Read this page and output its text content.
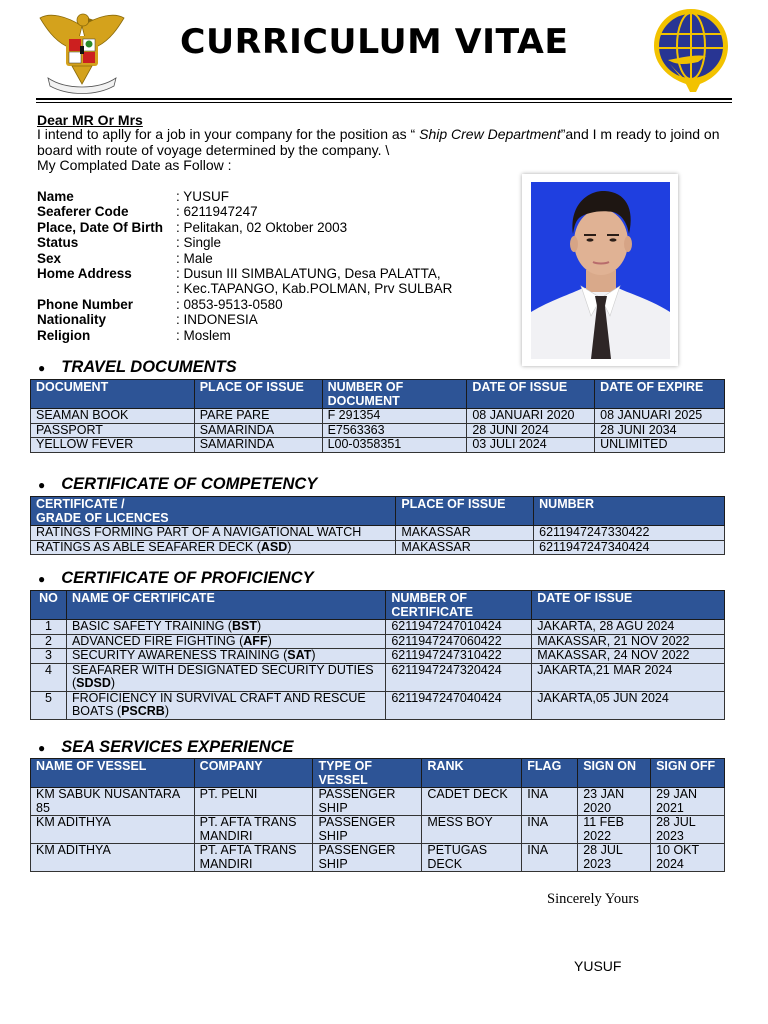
CURRICULUM VITAE
Dear MR Or Mrs
I intend to aplly for a job in your company for the position as “ Ship Crew Department”and I m ready to joind on board with route of voyage determined by the company. \
My Complated Date as Follow :
Name	: YUSUF
Seaferer Code	: 6211947247
Place, Date Of Birth : Pelitakan, 02 Oktober 2003
Status	: Single
Sex	: Male
Home Address	: Dusun III SIMBALATUNG, Desa PALATTA,
: Kec.TAPANGO, Kab.POLMAN, Prv SULBAR
Phone Number	: 0853-9513-0580
Nationality	: INDONESIA
Religion	: Moslem
● TRAVEL DOCUMENTS
DOCUMENT	PLACE OF ISSUE	NUMBER OF DOCUMENT	DATE OF ISSUE	DATE OF EXPIRE
SEAMAN BOOK	PARE PARE	F 291354	08 JANUARI 2020	08 JANUARI 2025
PASSPORT	SAMARINDA	E7563363	28 JUNI 2024	28 JUNI 2034
YELLOW FEVER	SAMARINDA	L00-0358351	03 JULI 2024	UNLIMITED
● CERTIFICATE OF COMPETENCY
CERTIFICATE /
GRADE OF LICENCES	PLACE OF ISSUE	NUMBER
RATINGS FORMING PART OF A NAVIGATIONAL WATCH	MAKASSAR	6211947247330422
RATINGS AS ABLE SEAFARER DECK (ASD)	MAKASSAR	6211947247340424
● CERTIFICATE OF PROFICIENCY
NO	NAME OF CERTIFICATE	NUMBER OF CERTIFICATE	DATE OF ISSUE
1	BASIC SAFETY TRAINING (BST)	6211947247010424	JAKARTA, 28 AGU 2024
2	ADVANCED FIRE FIGHTING (AFF)	6211947247060422	MAKASSAR, 21 NOV 2022
3	SECURITY AWARENESS TRAINING (SAT)	6211947247310422	MAKASSAR, 24 NOV 2022
4	SEAFARER WITH DESIGNATED SECURITY DUTIES (SDSD)	6211947247320424	JAKARTA,21 MAR 2024
5	FROFICIENCY IN SURVIVAL CRAFT AND RESCUE BOATS (PSCRB)	6211947247040424	JAKARTA,05 JUN 2024
● SEA SERVICES EXPERIENCE
NAME OF VESSEL	COMPANY	TYPE OF VESSEL	RANK	FLAG	SIGN ON	SIGN OFF
KM SABUK NUSANTARA 85	PT. PELNI	PASSENGER SHIP	CADET DECK	INA	23 JAN 2020	29 JAN 2021
KM ADITHYA	PT. AFTA TRANS MANDIRI	PASSENGER SHIP	MESS BOY	INA	11 FEB 2022	28 JUL 2023
KM ADITHYA	PT. AFTA TRANS MANDIRI	PASSENGER SHIP	PETUGAS DECK	INA	28 JUL 2023	10 OKT 2024
Sincerely Yours
YUSUF
